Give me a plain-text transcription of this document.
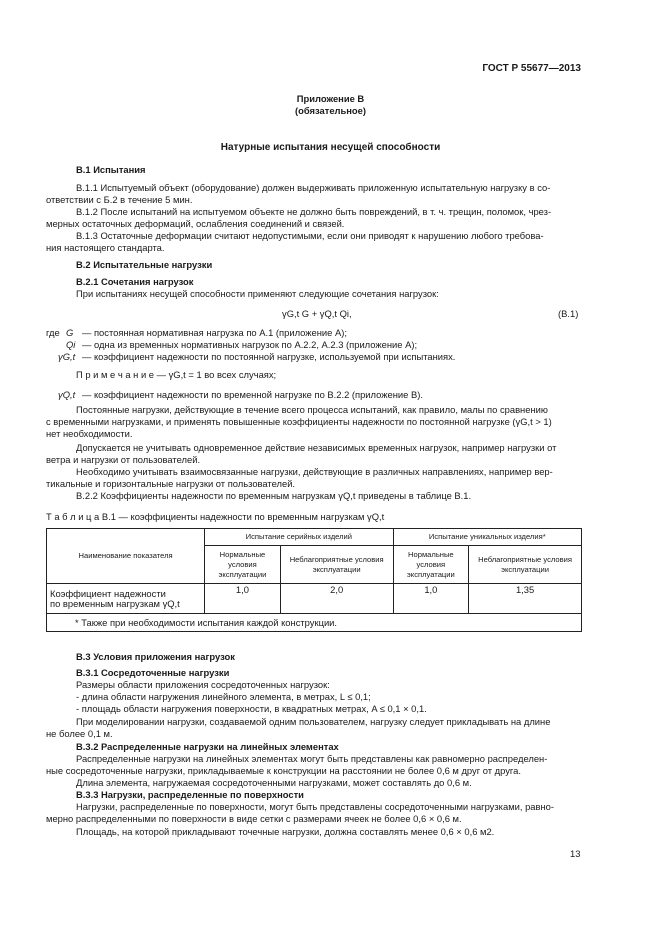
ГОСТ Р 55677—2013
Приложение В
(обязательное)
Натурные испытания несущей способности
В.1 Испытания
В.1.1 Испытуемый объект (оборудование) должен выдерживать приложенную испытательную нагрузку в со-
ответствии с Б.2 в течение 5 мин.
В.1.2 После испытаний на испытуемом объекте не должно быть повреждений, в т. ч. трещин, поломок, чрез-
мерных остаточных деформаций, ослабления соединений и связей.
В.1.3 Остаточные деформации считают недопустимыми, если они приводят к нарушению любого требова-
ния настоящего стандарта.
В.2 Испытательные нагрузки
В.2.1 Сочетания нагрузок
При испытаниях несущей способности применяют следующие сочетания нагрузок:
γG,t G + γQ,t Qi,	(В.1)
где G — постоянная нормативная нагрузка по А.1 (приложение А);
Qi — одна из временных нормативных нагрузок по А.2.2, А.2.3 (приложение А);
γG,t — коэффициент надежности по постоянной нагрузке, используемой при испытаниях.
П р и м е ч а н и е — γG,t = 1 во всех случаях;
γQ,t — коэффициент надежности по временной нагрузке по В.2.2 (приложение В).
Постоянные нагрузки, действующие в течение всего процесса испытаний, как правило, малы по сравнению
с временными нагрузками, и применять повышенные коэффициенты надежности по постоянной нагрузке (γG,t > 1)
нет необходимости.
Допускается не учитывать одновременное действие независимых временных нагрузок, например нагрузки от
ветра и нагрузки от пользователей.
Необходимо учитывать взаимосвязанные нагрузки, действующие в различных направлениях, например вер-
тикальные и горизонтальные нагрузки от пользователей.
В.2.2 Коэффициенты надежности по временным нагрузкам γQ,t приведены в таблице В.1.
Т а б л и ц а В.1 — коэффициенты надежности по временным нагрузкам γQ,t
Наименование показателя	Испытание серийных изделий		Испытание уникальных изделия*	
	Нормальные условия эксплуатации	Неблагоприятные условия эксплуатации	Нормальные условия эксплуатации	Неблагоприятные условия эксплуатации

Коэффициент надежности
по временным нагрузкам γQ,t	1,0	2,0	1,0	1,35
* Также при необходимости испытания каждой конструкции.				
В.3 Условия приложения нагрузок
В.3.1 Сосредоточенные нагрузки
Размеры области приложения сосредоточенных нагрузок:
- длина области нагружения линейного элемента, в метрах, L ≤ 0,1;
- площадь области нагружения поверхности, в квадратных метрах, A ≤ 0,1 × 0,1.
При моделировании нагрузки, создаваемой одним пользователем, нагрузку следует прикладывать на длине
не более 0,1 м.
В.3.2 Распределенные нагрузки на линейных элементах
Распределенные нагрузки на линейных элементах могут быть представлены как равномерно распределен-
ные сосредоточенные нагрузки, прикладываемые к конструкции на расстоянии не более 0,6 м друг от друга.
Длина элемента, нагружаемая сосредоточенными нагрузками, может составлять до 0,6 м.
В.3.3 Нагрузки, распределенные по поверхности
Нагрузки, распределенные по поверхности, могут быть представлены сосредоточенными нагрузками, равно-
мерно распределенными по поверхности в виде сетки с размерами ячеек не более 0,6 × 0,6 м.
Площадь, на которой прикладывают точечные нагрузки, должна составлять менее 0,6 × 0,6 м2.
13
